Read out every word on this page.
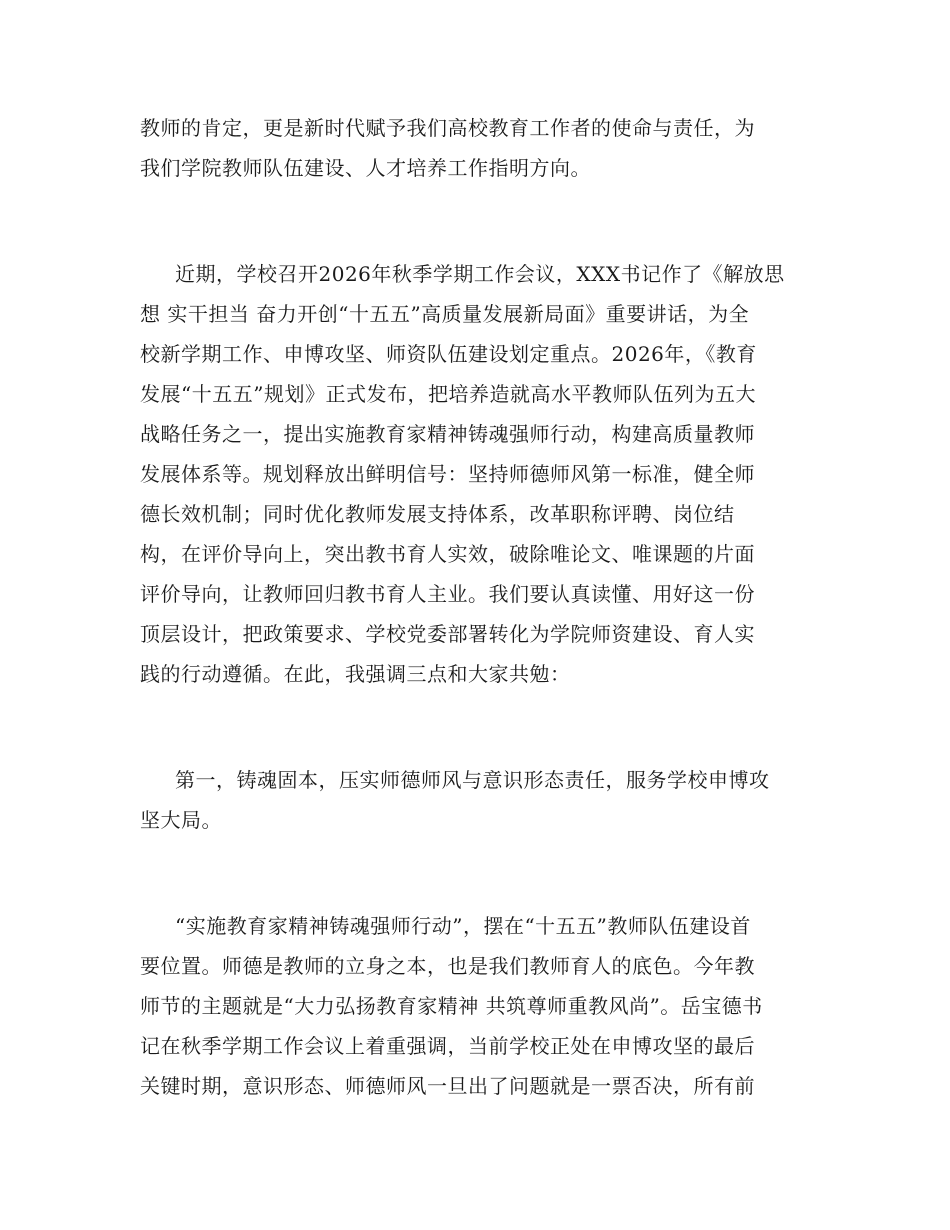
教师的肯定，更是新时代赋予我们高校教育工作者的使命与责任，为
我们学院教师队伍建设、人才培养工作指明方向。
近期，学校召开2026年秋季学期工作会议，XXX书记作了《解放思
想 实干担当 奋力开创“十五五”高质量发展新局面》重要讲话，为全
校新学期工作、申博攻坚、师资队伍建设划定重点。2026年，《教育
发展“十五五”规划》正式发布，把培养造就高水平教师队伍列为五大
战略任务之一，提出实施教育家精神铸魂强师行动，构建高质量教师
发展体系等。规划释放出鲜明信号：坚持师德师风第一标准，健全师
德长效机制；同时优化教师发展支持体系，改革职称评聘、岗位结
构，在评价导向上，突出教书育人实效，破除唯论文、唯课题的片面
评价导向，让教师回归教书育人主业。我们要认真读懂、用好这一份
顶层设计，把政策要求、学校党委部署转化为学院师资建设、育人实
践的行动遵循。在此，我强调三点和大家共勉：
第一，铸魂固本，压实师德师风与意识形态责任，服务学校申博攻
坚大局。
“实施教育家精神铸魂强师行动”，摆在“十五五”教师队伍建设首
要位置。师德是教师的立身之本，也是我们教师育人的底色。今年教
师节的主题就是“大力弘扬教育家精神 共筑尊师重教风尚”。岳宝德书
记在秋季学期工作会议上着重强调，当前学校正处在申博攻坚的最后
关键时期，意识形态、师德师风一旦出了问题就是一票否决，所有前
